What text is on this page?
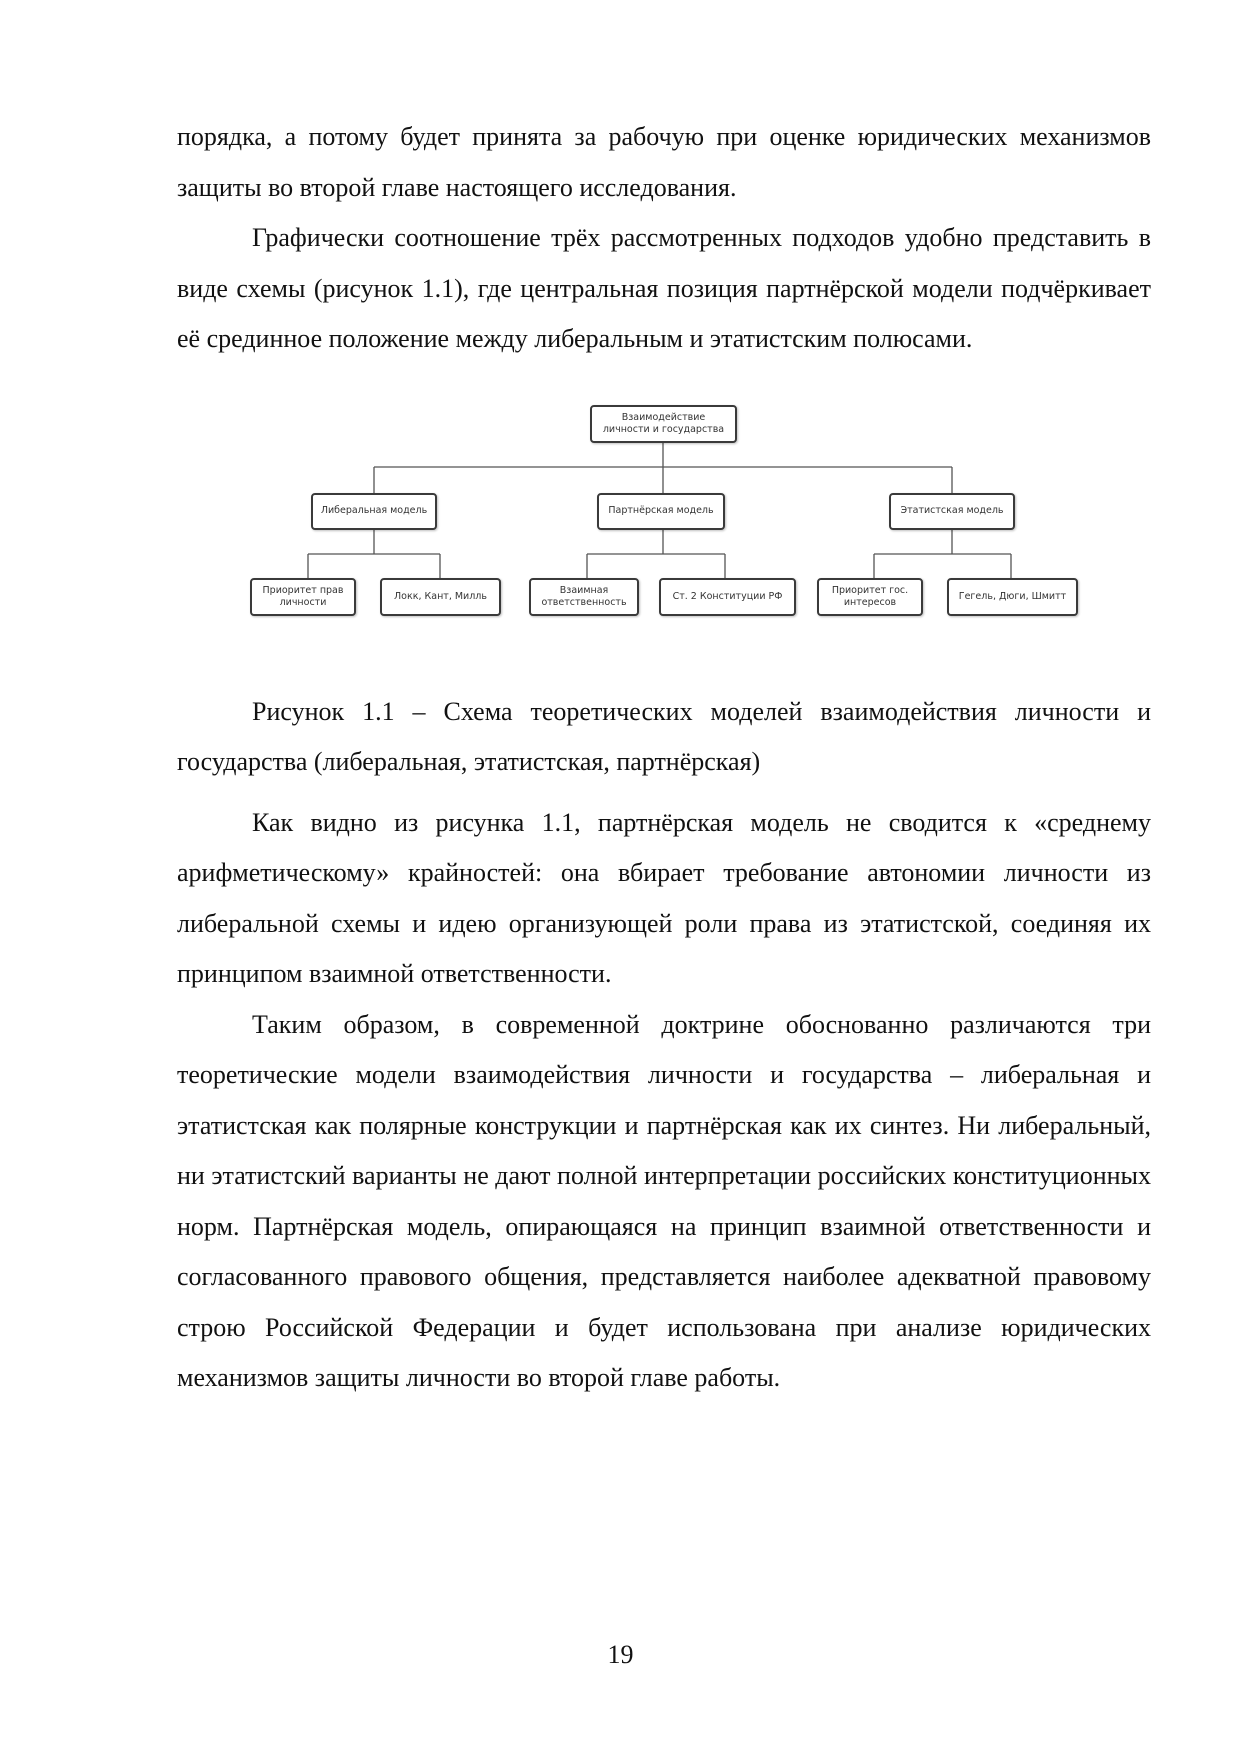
порядка, а потому будет принята за рабочую при оценке юридических механизмов защиты во второй главе настоящего исследования.

Графически соотношение трёх рассмотренных подходов удобно представить в виде схемы (рисунок 1.1), где центральная позиция партнёрской модели подчёркивает её срединное положение между либеральным и этатистским полюсами.

Взаимодействие
личности и государства
Либеральная модель	Партнёрская модель	Этатистская модель
Приоритет прав
личности
Локк, Кант, Милль
Взаимная
ответственность
Ст. 2 Конституции РФ
Приоритет гос.
интересов
Гегель, Дюги, Шмитт

Рисунок 1.1 – Схема теоретических моделей взаимодействия личности и государства (либеральная, этатистская, партнёрская)

Как видно из рисунка 1.1, партнёрская модель не сводится к «среднему арифметическому» крайностей: она вбирает требование автономии личности из либеральной схемы и идею организующей роли права из этатистской, соединяя их принципом взаимной ответственности.

Таким образом, в современной доктрине обоснованно различаются три теоретические модели взаимодействия личности и государства – либеральная и этатистская как полярные конструкции и партнёрская как их синтез. Ни либеральный, ни этатистский варианты не дают полной интерпретации российских конституционных норм. Партнёрская модель, опирающаяся на принцип взаимной ответственности и согласованного правового общения, представляется наиболее адекватной правовому строю Российской Федерации и будет использована при анализе юридических механизмов защиты личности во второй главе работы.

19
